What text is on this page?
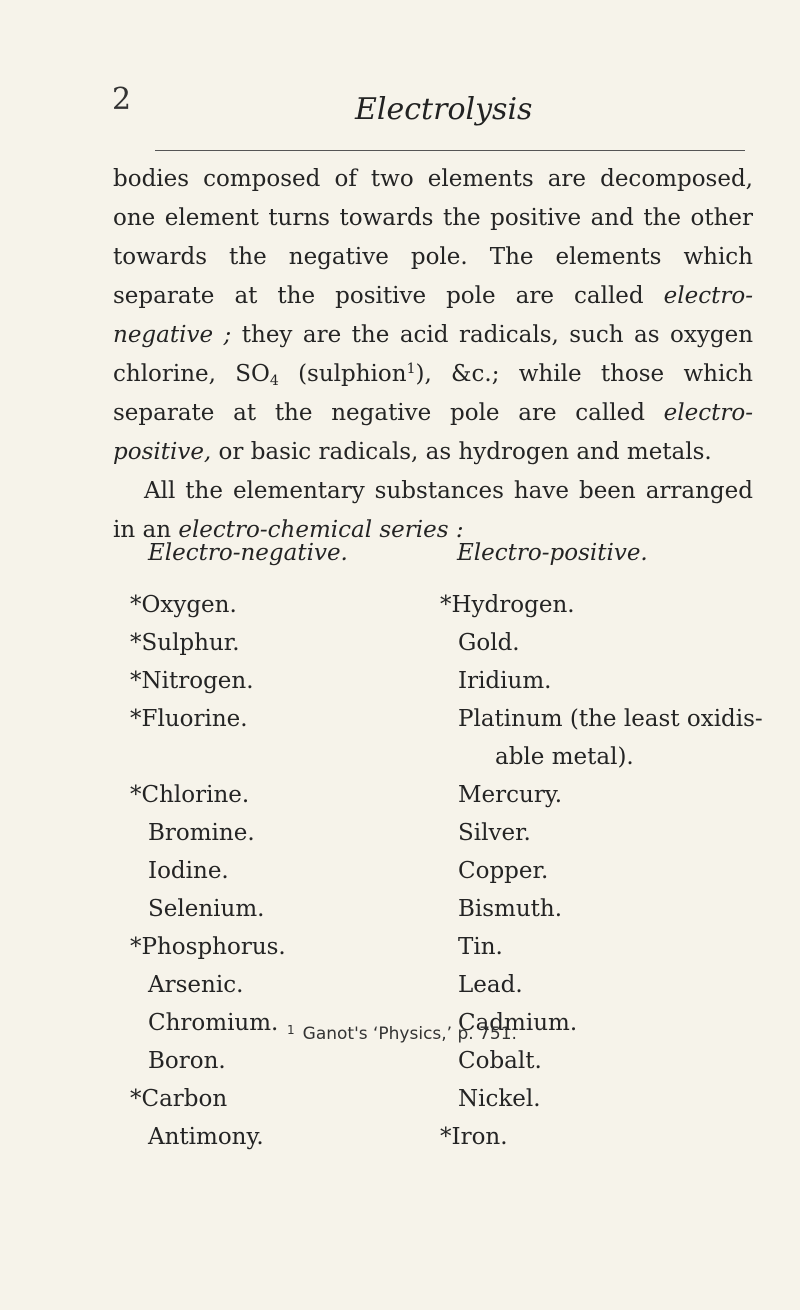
2	Electrolysis

bodies composed of two elements are decomposed, one element turns towards the positive and the other towards the negative pole. The elements which separate at the positive pole are called electro-negative ; they are the acid radicals, such as oxygen chlorine, $SO_4$ (sulphion$^1$), &c.; while those which separate at the negative pole are called electro-positive, or basic radicals, as hydrogen and metals.

All the elementary substances have been arranged in an electro-chemical series :

Electro-negative.	Electro-positive.
*Oxygen.
*Sulphur.
*Nitrogen.
*Fluorine.
*Chlorine.
Bromine.
Iodine.
Selenium.
*Phosphorus.
Arsenic.
Chromium.
Boron.
*Carbon
Antimony.
*Hydrogen.
Gold.
Iridium.
Platinum (the least oxidis-
able metal).
Mercury.
Silver.
Copper.
Bismuth.
Tin.
Lead.
Cadmium.
Cobalt.
Nickel.
*Iron.
$^1$ Ganot's ‘Physics,’ p. 751.
